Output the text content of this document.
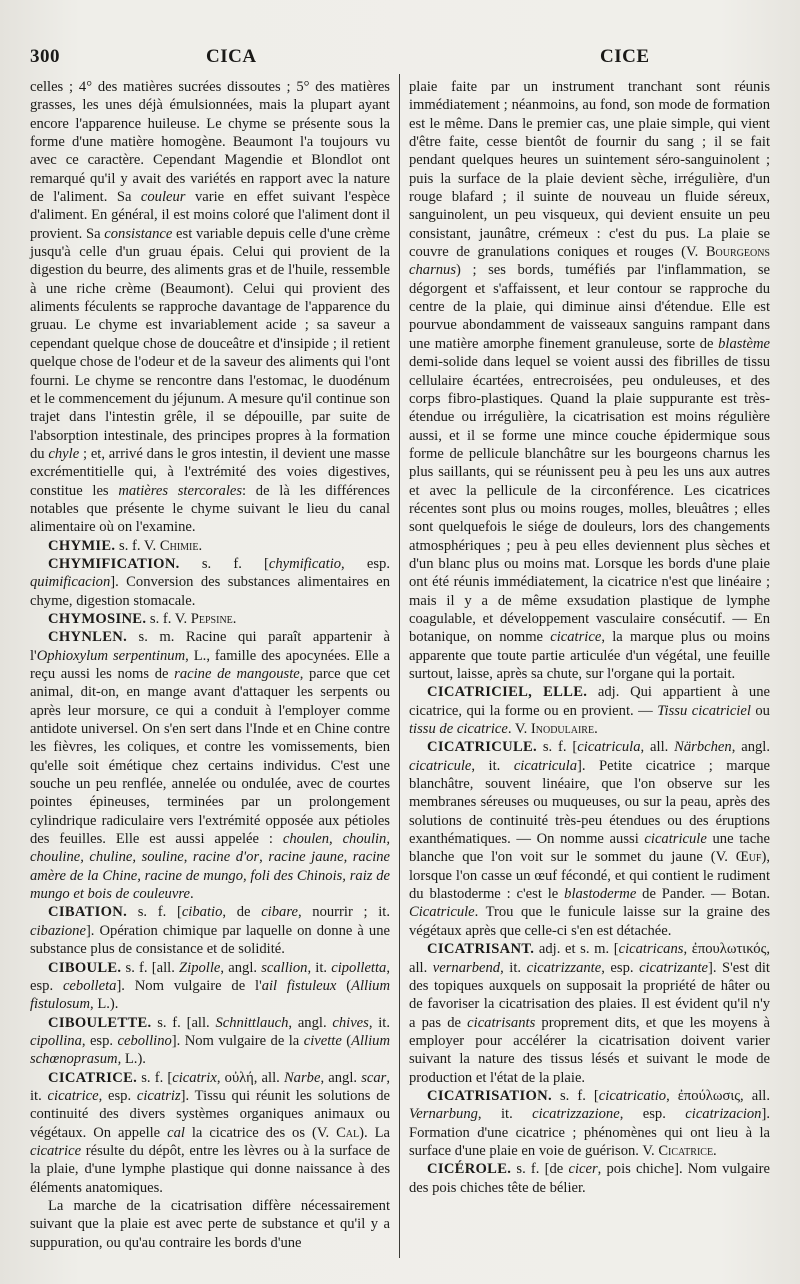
300	CICA	CICE

celles ; 4° des matières sucrées dissoutes ; 5° des matières grasses, les unes déjà émulsionnées, mais la plupart ayant encore l'apparence huileuse. Le chyme se présente sous la forme d'une matière homogène. Beaumont l'a toujours vu avec ce caractère. Cependant Magendie et Blondlot ont remarqué qu'il y avait des variétés en rapport avec la nature de l'aliment. Sa couleur varie en effet suivant l'espèce d'aliment. En général, il est moins coloré que l'aliment dont il provient. Sa consistance est variable depuis celle d'une crème jusqu'à celle d'un gruau épais. Celui qui provient de la digestion du beurre, des aliments gras et de l'huile, ressemble à une riche crème (Beaumont). Celui qui provient des aliments féculents se rapproche davantage de l'apparence du gruau. Le chyme est invariablement acide ; sa saveur a cependant quelque chose de douceâtre et d'insipide ; il retient quelque chose de l'odeur et de la saveur des aliments qui l'ont fourni. Le chyme se rencontre dans l'estomac, le duodénum et le commencement du jéjunum. A mesure qu'il continue son trajet dans l'intestin grêle, il se dépouille, par suite de l'absorption intestinale, des principes propres à la formation du chyle ; et, arrivé dans le gros intestin, il devient une masse excrémentitielle qui, à l'extrémité des voies digestives, constitue les matières stercorales: de là les différences notables que présente le chyme suivant le lieu du canal alimentaire où on l'examine.

CHYMIE. s. f. V. Chimie.

CHYMIFICATION. s. f. [chymificatio, esp. quimificacion]. Conversion des substances alimentaires en chyme, digestion stomacale.

CHYMOSINE. s. f. V. Pepsine.

CHYNLEN. s. m. Racine qui paraît appartenir à l'Ophioxylum serpentinum, L., famille des apocynées. Elle a reçu aussi les noms de racine de mangouste, parce que cet animal, dit-on, en mange avant d'attaquer les serpents ou après leur morsure, ce qui a conduit à l'employer comme antidote universel. On s'en sert dans l'Inde et en Chine contre les fièvres, les coliques, et contre les vomissements, bien qu'elle soit émétique chez certains individus. C'est une souche un peu renflée, annelée ou ondulée, avec de courtes pointes épineuses, terminées par un prolongement cylindrique radiculaire vers l'extrémité opposée aux pétioles des feuilles. Elle est aussi appelée : choulen, choulin, chouline, chuline, souline, racine d'or, racine jaune, racine amère de la Chine, racine de mungo, foli des Chinois, raiz de mungo et bois de couleuvre.

CIBATION. s. f. [cibatio, de cibare, nourrir ; it. cibazione]. Opération chimique par laquelle on donne à une substance plus de consistance et de solidité.

CIBOULE. s. f. [all. Zipolle, angl. scallion, it. cipolletta, esp. cebolleta]. Nom vulgaire de l'ail fistuleux (Allium fistulosum, L.).

CIBOULETTE. s. f. [all. Schnittlauch, angl. chives, it. cipollina, esp. cebollino]. Nom vulgaire de la civette (Allium schœnoprasum, L.).

CICATRICE. s. f. [cicatrix, οὐλή, all. Narbe, angl. scar, it. cicatrice, esp. cicatriz]. Tissu qui réunit les solutions de continuité des divers systèmes organiques animaux ou végétaux. On appelle cal la cicatrice des os (V. Cal). La cicatrice résulte du dépôt, entre les lèvres ou à la surface de la plaie, d'une lymphe plastique qui donne naissance à des éléments anatomiques.

La marche de la cicatrisation diffère nécessairement suivant que la plaie est avec perte de substance et qu'il y a suppuration, ou qu'au contraire les bords d'une

plaie faite par un instrument tranchant sont réunis immédiatement ; néanmoins, au fond, son mode de formation est le même. Dans le premier cas, une plaie simple, qui vient d'être faite, cesse bientôt de fournir du sang ; il se fait pendant quelques heures un suintement séro-sanguinolent ; puis la surface de la plaie devient sèche, irrégulière, d'un rouge blafard ; il suinte de nouveau un fluide séreux, sanguinolent, un peu visqueux, qui devient ensuite un peu consistant, jaunâtre, crémeux : c'est du pus. La plaie se couvre de granulations coniques et rouges (V. Bourgeons charnus) ; ses bords, tuméfiés par l'inflammation, se dégorgent et s'affaissent, et leur contour se rapproche du centre de la plaie, qui diminue ainsi d'étendue. Elle est pourvue abondamment de vaisseaux sanguins rampant dans une matière amorphe finement granuleuse, sorte de blastème demi-solide dans lequel se voient aussi des fibrilles de tissu cellulaire écartées, entrecroisées, peu onduleuses, et des corps fibro-plastiques. Quand la plaie suppurante est très-étendue ou irrégulière, la cicatrisation est moins régulière aussi, et il se forme une mince couche épidermique sous forme de pellicule blanchâtre sur les bourgeons charnus les plus saillants, qui se réunissent peu à peu les uns aux autres et avec la pellicule de la circonférence. Les cicatrices récentes sont plus ou moins rouges, molles, bleuâtres ; elles sont quelquefois le siége de douleurs, lors des changements atmosphériques ; peu à peu elles deviennent plus sèches et d'un blanc plus ou moins mat. Lorsque les bords d'une plaie ont été réunis immédiatement, la cicatrice n'est que linéaire ; mais il y a de même exsudation plastique de lymphe coagulable, et développement vasculaire consécutif. — En botanique, on nomme cicatrice, la marque plus ou moins apparente que toute partie articulée d'un végétal, une feuille surtout, laisse, après sa chute, sur l'organe qui la portait.

CICATRICIEL, ELLE. adj. Qui appartient à une cicatrice, qui la forme ou en provient. — Tissu cicatriciel ou tissu de cicatrice. V. Inodulaire.

CICATRICULE. s. f. [cicatricula, all. Närbchen, angl. cicatricule, it. cicatricula]. Petite cicatrice ; marque blanchâtre, souvent linéaire, que l'on observe sur les membranes séreuses ou muqueuses, ou sur la peau, après des solutions de continuité très-peu étendues ou des éruptions exanthématiques. — On nomme aussi cicatricule une tache blanche que l'on voit sur le sommet du jaune (V. Œuf), lorsque l'on casse un œuf fécondé, et qui contient le rudiment du blastoderme : c'est le blastoderme de Pander. — Botan. Cicatricule. Trou que le funicule laisse sur la graine des végétaux après que celle-ci s'en est détachée.

CICATRISANT. adj. et s. m. [cicatricans, ἐπουλωτικός, all. vernarbend, it. cicatrizzante, esp. cicatrizante]. S'est dit des topiques auxquels on supposait la propriété de hâter ou de favoriser la cicatrisation des plaies. Il est évident qu'il n'y a pas de cicatrisants proprement dits, et que les moyens à employer pour accélérer la cicatrisation doivent varier suivant la nature des tissus lésés et suivant le mode de production et l'état de la plaie.

CICATRISATION. s. f. [cicatricatio, ἐπούλωσις, all. Vernarbung, it. cicatrizzazione, esp. cicatrizacion]. Formation d'une cicatrice ; phénomènes qui ont lieu à la surface d'une plaie en voie de guérison. V. Cicatrice.

CICÉROLE. s. f. [de cicer, pois chiche]. Nom vulgaire des pois chiches tête de bélier.
